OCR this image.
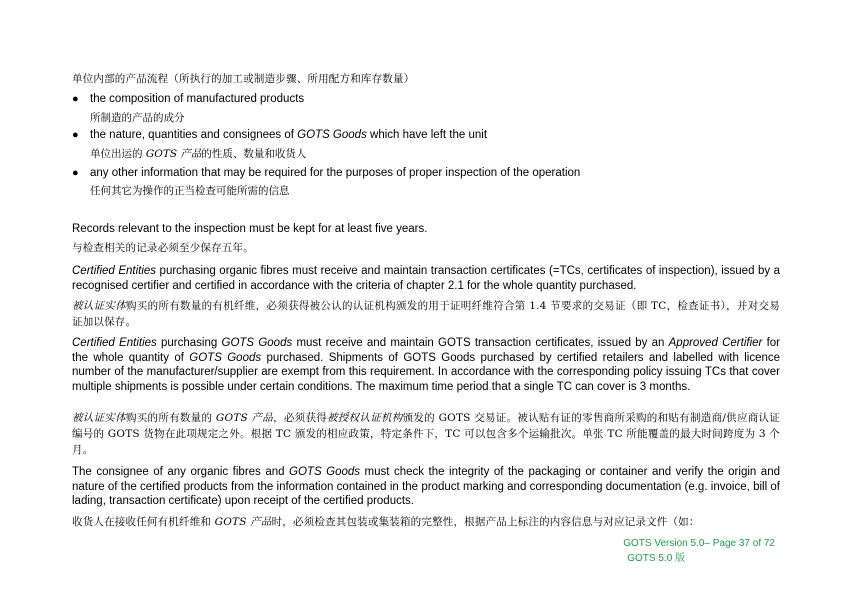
单位内部的产品流程（所执行的加工或制造步骤、所用配方和库存数量）

● the composition of manufactured products
所制造的产品的成分
● the nature, quantities and consignees of GOTS Goods which have left the unit
单位出运的 GOTS 产品的性质、数量和收货人
● any other information that may be required for the purposes of proper inspection of the operation
任何其它为操作的正当检查可能所需的信息

Records relevant to the inspection must be kept for at least five years.

与检查相关的记录必须至少保存五年。

Certified Entities purchasing organic fibres must receive and maintain transaction certificates (=TCs, certificates of inspection), issued by a recognised certifier and certified in accordance with the criteria of chapter 2.1 for the whole quantity purchased.

被认证实体购买的所有数量的有机纤维，必须获得被公认的认证机构颁发的用于证明纤维符合第 1.4 节要求的交易证（即 TC，检查证书），并对交易证加以保存。

Certified Entities purchasing GOTS Goods must receive and maintain GOTS transaction certificates, issued by an Approved Certifier for the whole quantity of GOTS Goods purchased. Shipments of GOTS Goods purchased by certified retailers and labelled with licence number of the manufacturer/supplier are exempt from this requirement. In accordance with the corresponding policy issuing TCs that cover multiple shipments is possible under certain conditions. The maximum time period that a single TC can cover is 3 months.

被认证实体购买的所有数量的 GOTS 产品，必须获得被授权认证机构颁发的 GOTS 交易证。被认贴有证的零售商所采购的和贴有制造商/供应商认证编号的 GOTS 货物在此项规定之外。根据 TC 颁发的相应政策，特定条件下，TC 可以包含多个运输批次。单张 TC 所能覆盖的最大时间跨度为 3 个月。

The consignee of any organic fibres and GOTS Goods must check the integrity of the packaging or container and verify the origin and nature of the certified products from the information contained in the product marking and corresponding documentation (e.g. invoice, bill of lading, transaction certificate) upon receipt of the certified products.

收货人在接收任何有机纤维和 GOTS 产品时，必须检查其包装或集装箱的完整性，根据产品上标注的内容信息与对应记录文件（如：

GOTS Version 5.0– Page 37 of 72
GOTS 5.0 版
